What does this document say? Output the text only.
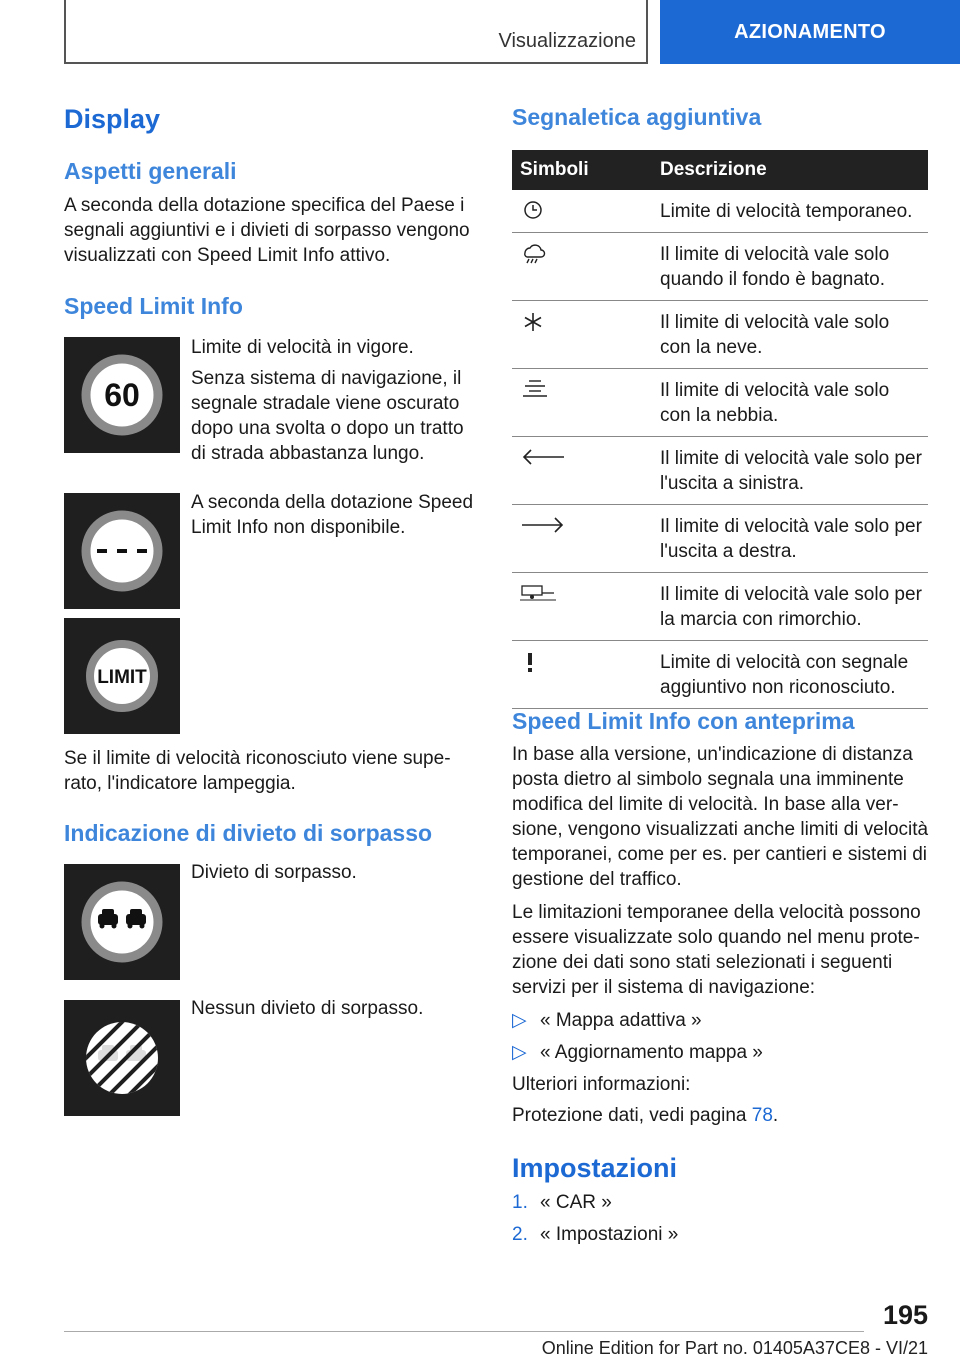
Visualizzazione	AZIONAMENTO
Display
Aspetti generali

A seconda della dotazione specifica del Paese i segnali aggiuntivi e i divieti di sorpasso vengono visualizzati con Speed Limit Info attivo.

Speed Limit Info
60

Limite di velocità in vigore.

Senza sistema di navigazione, il segnale stradale viene oscurato dopo una svolta o dopo un tratto di strada abbastanza lungo.

A seconda della dotazione Speed Limit Info non disponibile.

LIMIT

Se il limite di velocità riconosciuto viene superato, l'indicatore lampeggia.

Indicazione di divieto di sorpasso

Divieto di sorpasso.

Nessun divieto di sorpasso.

Segnaletica aggiuntiva
Simboli	Descrizione
	Limite di velocità temporaneo.
	Il limite di velocità vale solo quando il fondo è bagnato.
	Il limite di velocità vale solo con la neve.
	Il limite di velocità vale solo con la nebbia.
	Il limite di velocità vale solo per l'uscita a sinistra.
	Il limite di velocità vale solo per l'uscita a destra.
	Il limite di velocità vale solo per la marcia con rimorchio.
	Limite di velocità con segnale aggiuntivo non riconosciuto.
Speed Limit Info con anteprima

In base alla versione, un'indicazione di distanza posta dietro al simbolo segnala una imminente modifica del limite di velocità. In base alla versione, vengono visualizzati anche limiti di velocità temporanei, come per es. per cantieri e sistemi di gestione del traffico.

Le limitazioni temporanee della velocità possono essere visualizzate solo quando nel menu protezione dei dati sono stati selezionati i seguenti servizi per il sistema di navigazione:

▷ « Mappa adattiva »
▷ « Aggiornamento mappa »

Ulteriori informazioni:

Protezione dati, vedi pagina 78.

Impostazioni
1. « CAR »
2. « Impostazioni »
195
Online Edition for Part no. 01405A37CE8 - VI/21
